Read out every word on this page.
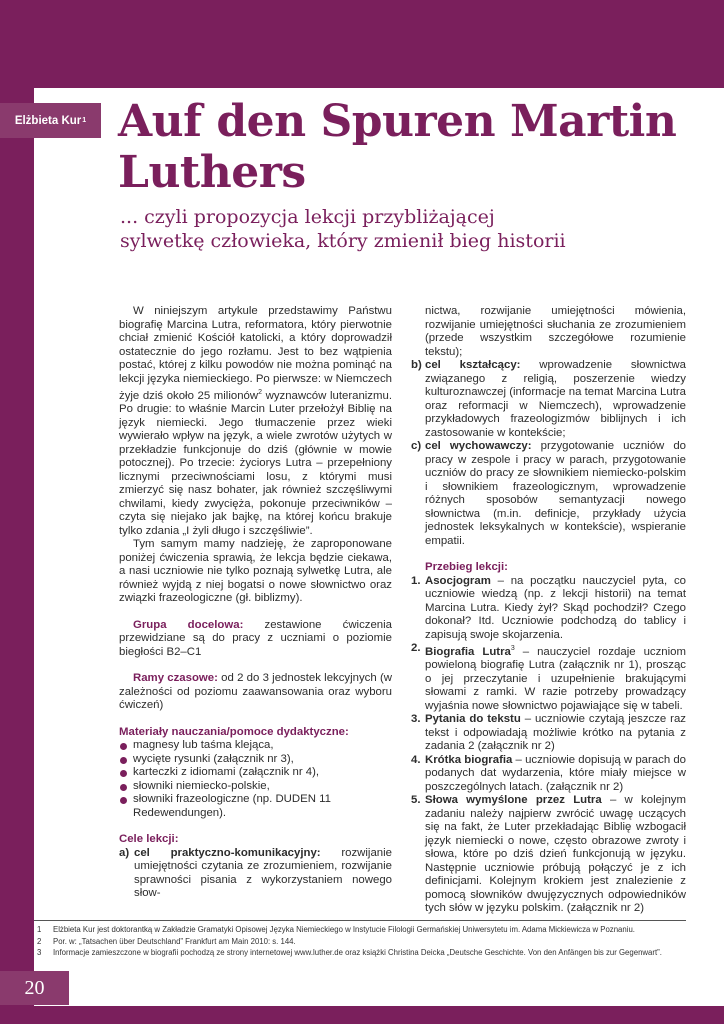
Elżbieta Kur 1 Auf den Spuren Martin
Luthers
... czyli propozycja lekcji przybliżającej
sylwetkę człowieka, który zmienił bieg historii

W niniejszym artykule przedstawimy Państwu biografię Marcina Lutra, reformatora, który pierwotnie chciał zmienić Kościół katolicki, a który doprowadził ostatecznie do jego rozłamu. Jest to bez wątpienia postać, której z kilku powodów nie można pominąć na lekcji języka niemieckiego. Po pierwsze: w Niemczech żyje dziś około 25 milionów$^2$ wyznawców luteranizmu. Po drugie: to właśnie Marcin Luter przełożył Biblię na język niemiecki. Jego tłumaczenie przez wieki wywierało wpływ na język, a wiele zwrotów użytych w przekładzie funkcjonuje do dziś (głównie w mowie potocznej). Po trzecie: życiorys Lutra – przepełniony licznymi przeciwnościami losu, z którymi musi zmierzyć się nasz bohater, jak również szczęśliwymi chwilami, kiedy zwycięża, pokonuje przeciwników – czyta się niejako jak bajkę, na której końcu brakuje tylko zdania „I żyli długo i szczęśliwie”.

Tym samym mamy nadzieję, że zaproponowane poniżej ćwiczenia sprawią, że lekcja będzie ciekawa, a nasi uczniowie nie tylko poznają sylwetkę Lutra, ale również wyjdą z niej bogatsi o nowe słownictwo oraz związki frazeologiczne (gł. biblizmy).

Grupa docelowa: zestawione ćwiczenia przewidziane są do pracy z uczniami o poziomie biegłości B2–C1

Ramy czasowe: od 2 do 3 jednostek lekcyjnych (w zależności od poziomu zaawansowania oraz wyboru ćwiczeń)

Materiały nauczania/pomoce dydaktyczne:
magnesy lub taśma klejąca,
wycięte rysunki (załącznik nr 3),
karteczki z idiomami (załącznik nr 4),
słowniki niemiecko-polskie,
słowniki frazeologiczne (np. DUDEN 11 Redewendungen).
Cele lekcji:
a) cel praktyczno-komunikacyjny: rozwijanie umiejętności czytania ze zrozumieniem, rozwijanie sprawności pisania z wykorzystaniem nowego słow-

nictwa, rozwijanie umiejętności mówienia, rozwijanie umiejętności słuchania ze zrozumieniem (przede wszystkim szczegółowe rozumienie tekstu);

b) cel kształcący: wprowadzenie słownictwa związanego z religią, poszerzenie wiedzy kulturoznawczej (informacje na temat Marcina Lutra oraz reformacji w Niemczech), wprowadzenie przykładowych frazeologizmów biblijnych i ich zastosowanie w kontekście;
c) cel wychowawczy: przygotowanie uczniów do pracy w zespole i pracy w parach, przygotowanie uczniów do pracy ze słownikiem niemiecko-polskim i słownikiem frazeologicznym, wprowadzenie różnych sposobów semantyzacji nowego słownictwa (m.in. definicje, przykłady użycia jednostek leksykalnych w kontekście), wspieranie empatii.
Przebieg lekcji:
1. Asocjogram – na początku nauczyciel pyta, co uczniowie wiedzą (np. z lekcji historii) na temat Marcina Lutra. Kiedy żył? Skąd pochodził? Czego dokonał? Itd. Uczniowie podchodzą do tablicy i zapisują swoje skojarzenia.
2. Biografia Lutra$^3$ – nauczyciel rozdaje uczniom powieloną biografię Lutra (załącznik nr 1), prosząc o jej przeczytanie i uzupełnienie brakującymi słowami z ramki. W razie potrzeby prowadzący wyjaśnia nowe słownictwo pojawiające się w tabeli.
3. Pytania do tekstu – uczniowie czytają jeszcze raz tekst i odpowiadają możliwie krótko na pytania z zadania 2 (załącznik nr 2)
4. Krótka biografia – uczniowie dopisują w parach do podanych dat wydarzenia, które miały miejsce w poszczególnych latach. (załącznik nr 2)
5. Słowa wymyślone przez Lutra – w kolejnym zadaniu należy najpierw zwrócić uwagę uczących się na fakt, że Luter przekładając Biblię wzbogacił język niemiecki o nowe, często obrazowe zwroty i słowa, które po dziś dzień funkcjonują w języku. Następnie uczniowie próbują połączyć je z ich definicjami. Kolejnym krokiem jest znalezienie z pomocą słowników dwujęzycznych odpowiedników tych słów w języku polskim. (załącznik nr 2)
1	Elżbieta Kur jest doktorantką w Zakładzie Gramatyki Opisowej Języka Niemieckiego w Instytucie Filologii Germańskiej Uniwersytetu im. Adama Mickiewicza w Poznaniu.
2	Por. w: „Tatsachen über Deutschland” Frankfurt am Main 2010: s. 144.
3	Informacje zamieszczone w biografii pochodzą ze strony internetowej www.luther.de oraz książki Christina Deicka „Deutsche Geschichte. Von den Anfängen bis zur Gegenwart”.
20
